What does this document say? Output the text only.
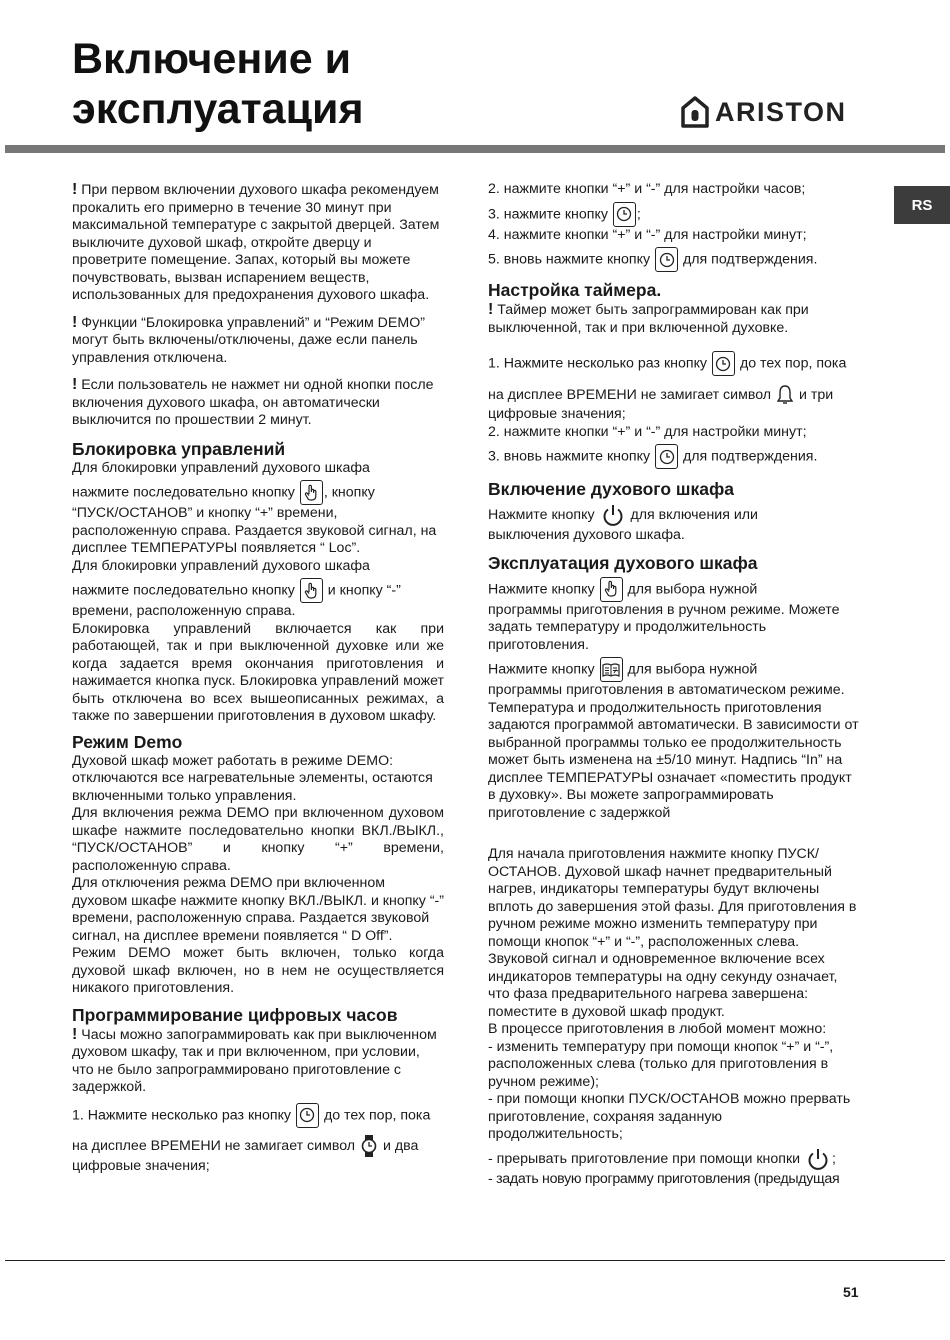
Включение и
эксплуатация	ARISTON
RS

! При первом включении духового шкафа рекомендуем прокалить его примерно в течение 30 минут при максимальной температуре с закрытой дверцей. Затем выключите духовой шкаф, откройте дверцу и проветрите помещение. Запах, который вы можете почувствовать, вызван испарением веществ, использованных для предохранения духового шкафа.

! Функции “Блокировка управлений” и “Режим DEMO” могут быть включены/отключены, даже если панель управления отключена.

! Если пользователь не нажмет ни одной кнопки после включения духового шкафа, он автоматически выключится по прошествии 2 минут.

Блокировка управлений

Для блокировки управлений духового шкафа

нажмите последовательно кнопку , кнопку

“ПУСК/ОСТАНОВ” и кнопку “+” времени, расположенную справа. Раздается звуковой сигнал, на дисплее ТЕМПЕРАТУРЫ появляется “ Loc”.

Для блокировки управлений духового шкафа

нажмите последовательно кнопку и кнопку “-”

времени, расположенную справа.

Блокировка управлений включается как при работающей, так и при выключенной духовке или же когда задается время окончания приготовления и нажимается кнопка пуск. Блокировка управлений может быть отключена во всех вышеописанных режимах, а также по завершении приготовления в духовом шкафу.

Режим Demo

Духовой шкаф может работать в режиме DEMO: отключаются все нагревательные элементы, остаются включенными только управления.

Для включения режма DEMO при включенном духовом шкафе нажмите последовательно кнопки ВКЛ./ВЫКЛ., “ПУСК/ОСТАНОВ” и кнопку “+” времени, расположенную справа.

Для отключения режма DEMO при включенном духовом шкафе нажмите кнопку ВКЛ./ВЫКЛ. и кнопку “-” времени, расположенную справа. Раздается звуковой сигнал, на дисплее времени появляется “ D Off”.

Режим DEMO может быть включен, только когда духовой шкаф включен, но в нем не осуществляется никакого приготовления.

Программирование цифровых часов

! Часы можно запограммировать как при выключенном духовом шкафу, так и при включенном, при условии, что не было запрограммировано приготовление с задержкой.

1. Нажмите несколько раз кнопку до тех пор, пока

на дисплее ВРЕМЕНИ не замигает символ и два

цифровые значения;

2. нажмите кнопки “+” и “-” для настройки часов;

3. нажмите кнопку ;

4. нажмите кнопки “+” и “-” для настройки минут;

5. вновь нажмите кнопку для подтверждения.

Настройка таймера.

! Таймер может быть запрограммирован как при выключенной, так и при включенной духовке.

1. Нажмите несколько раз кнопку до тех пор, пока

на дисплее ВРЕМЕНИ не замигает символ и три

цифровые значения;

2. нажмите кнопки “+” и “-” для настройки минут;

3. вновь нажмите кнопку для подтверждения.

Включение духового шкафа

Нажмите кнопку	для включения или

выключения духового шкафа.

Эксплуатация духового шкафа

Нажмите кнопку для выбора нужной

программы приготовления в ручном режиме. Можете задать температуру и продолжительность приготовления.

Нажмите кнопку для выбора нужной

программы приготовления в автоматическом режиме. Температура и продолжительность приготовления задаются программой автоматически. В зависимости от выбранной программы только ее продолжительность может быть изменена на ±5/10 минут. Надпись “In” на дисплее ТЕМПЕРАТУРЫ означает «поместить продукт в духовку». Вы можете запрограммировать приготовление с задержкой

Для начала приготовления нажмите кнопку ПУСК/ОСТАНОВ. Духовой шкаф начнет предварительный нагрев, индикаторы температуры будут включены вплоть до завершения этой фазы. Для приготовления в ручном режиме можно изменить температуру при помощи кнопок “+” и “-”, расположенных слева.

Звуковой сигнал и одновременное включение всех индикаторов температуры на одну секунду означает, что фаза предварительного нагрева завершена: поместите в духовой шкаф продукт.

В процессе приготовления в любой момент можно:

- изменить температуру при помощи кнопок “+” и “-”, расположенных слева (только для приготовления в ручном режиме);

- при помощи кнопки ПУСК/ОСТАНОВ можно прервать приготовление, сохраняя заданную продолжительность;

- прерывать приготовление при помощи кнопки ;

- задать новую программу приготовления (предыдущая

51
